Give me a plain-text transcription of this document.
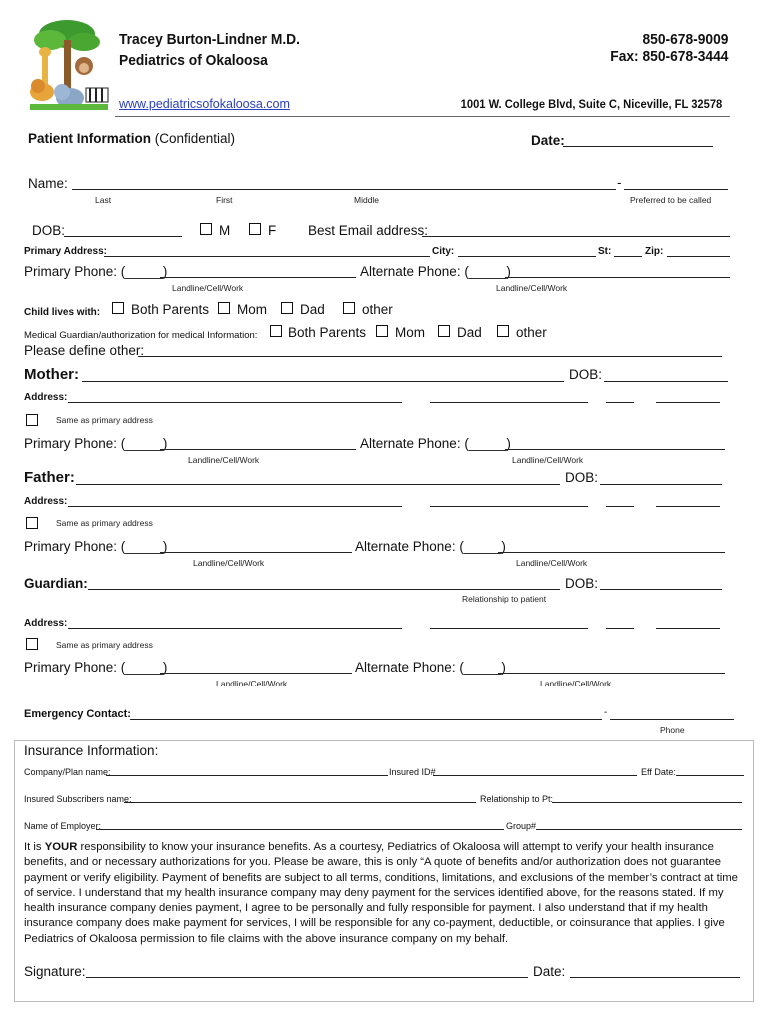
Tracey Burton-Lindner M.D.
Pediatrics of Okaloosa
850-678-9009
Fax: 850-678-3444
www.pediatricsofokaloosa.com	1001 W. College Blvd, Suite C, Niceville, FL 32578
Patient Information (Confidential)	Date:
Name:	-
Last	First	Middle	Preferred to be called
DOB:	M	F Best Email address:
Primary Address:	City:	St:	Zip:
Primary Phone: (_____)	Alternate Phone: (_____)
Landline/Cell/Work	Landline/Cell/Work
Child lives with: Both Parents Mom Dad	other
Medical Guardian/authorization for medical Information: Both Parents Mom Dad	other
Please define other:
Mother:	DOB:
Address:
Same as primary address
Primary Phone: (_____)	Alternate Phone: (_____)
Landline/Cell/Work	Landline/Cell/Work
Father:	DOB:
Address:
Same as primary address
Primary Phone: (_____)	Alternate Phone: (_____)
Landline/Cell/Work	Landline/Cell/Work
Guardian:	DOB:
Relationship to patient
Address:
Same as primary address
Primary Phone: (_____)	Alternate Phone: (_____)
Landline/Cell/Work	Landline/Cell/Work
Emergency Contact:	-
Phone
Insurance Information:
Company/Plan name:	Insured ID#	Eff Date:
Insured Subscribers name:	Relationship to Pt:
Name of Employer:	Group#
It is YOUR responsibility to know your insurance benefits. As a courtesy, Pediatrics of Okaloosa will attempt to verify your health insurance benefits, and or necessary authorizations for you. Please be aware, this is only “A quote of benefits and/or authorization does not guarantee payment or verify eligibility. Payment of benefits are subject to all terms, conditions, limitations, and exclusions of the member’s contract at time of service. I understand that my health insurance company may deny payment for the services identified above, for the reasons stated. If my health insurance company denies payment, I agree to be personally and fully responsible for payment. I also understand that if my health insurance company does make payment for services, I will be responsible for any co-payment, deductible, or coinsurance that applies. I give Pediatrics of Okaloosa permission to file claims with the above insurance company on my behalf.
Signature:	Date:
